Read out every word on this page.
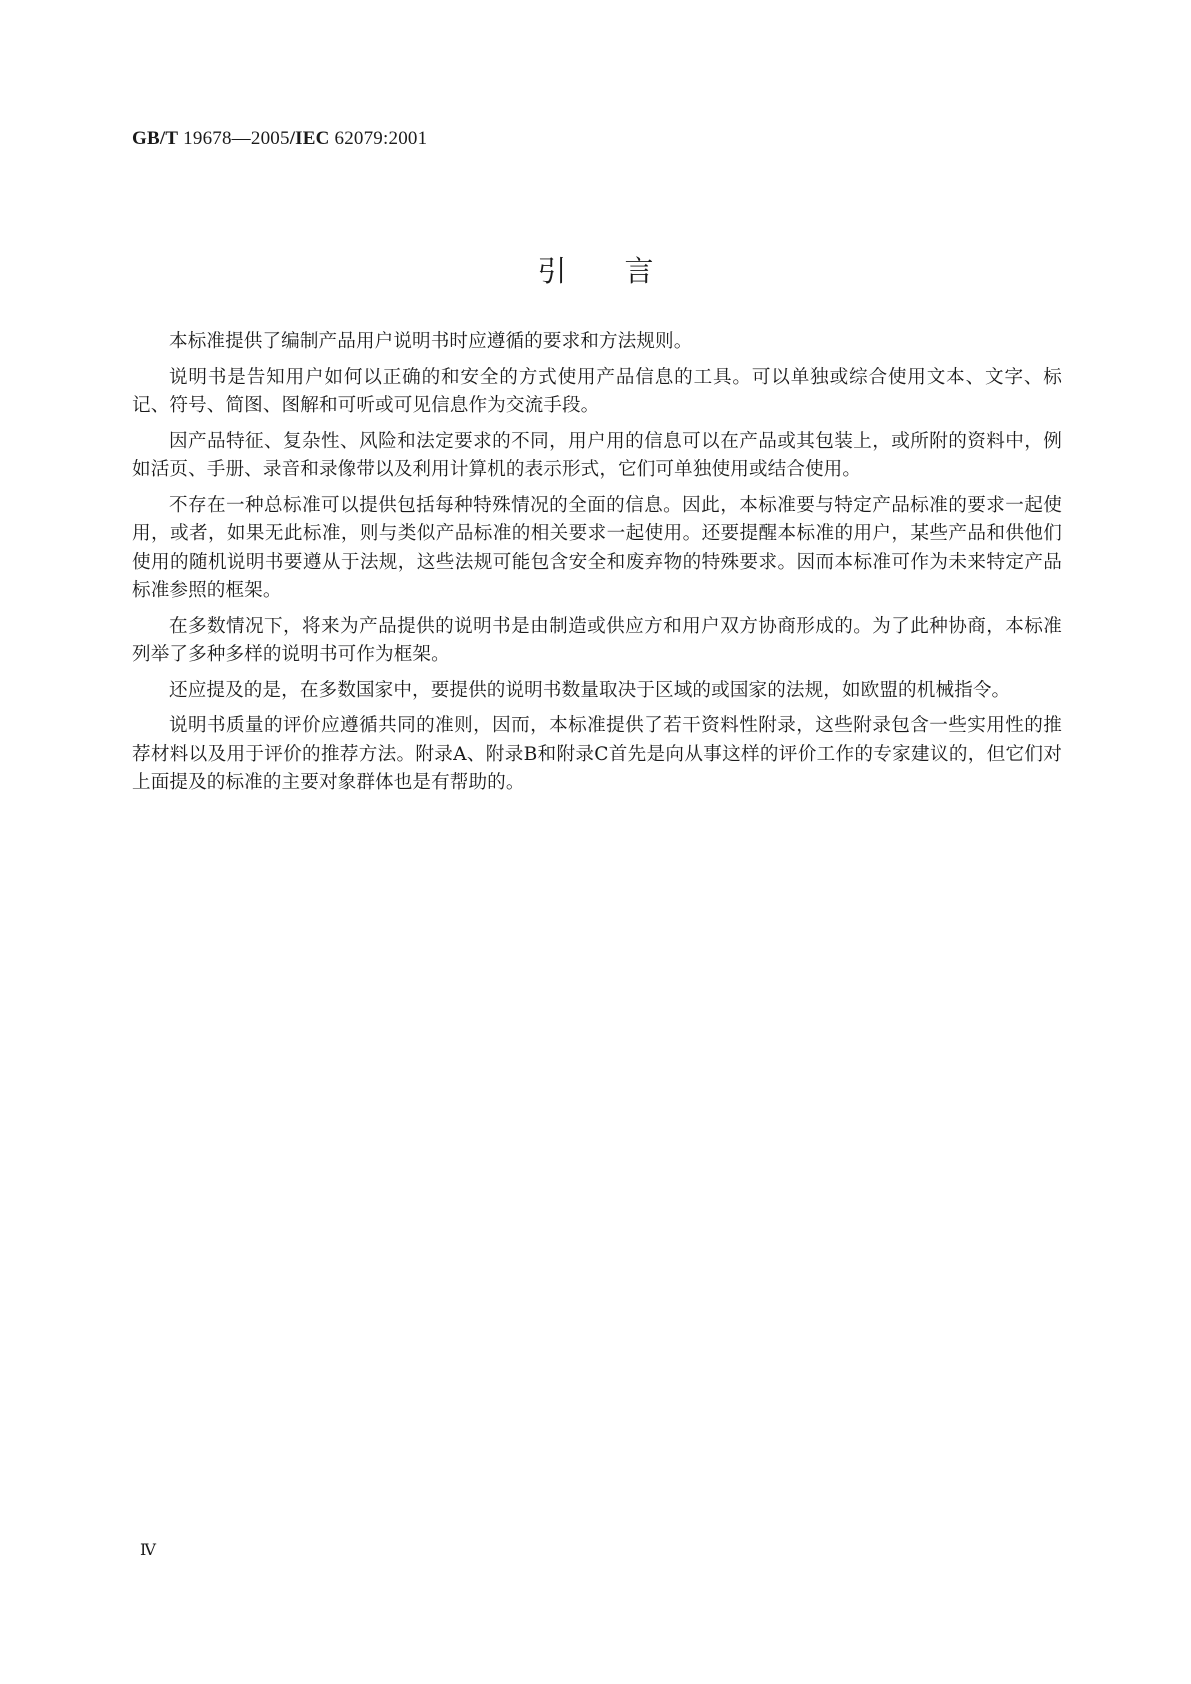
GB/T 19678—2005/IEC 62079:2001
引言

本标准提供了编制产品用户说明书时应遵循的要求和方法规则。

说明书是告知用户如何以正确的和安全的方式使用产品信息的工具。可以单独或综合使用文本、文字、标记、符号、简图、图解和可听或可见信息作为交流手段。

因产品特征、复杂性、风险和法定要求的不同，用户用的信息可以在产品或其包装上，或所附的资料中，例如活页、手册、录音和录像带以及利用计算机的表示形式，它们可单独使用或结合使用。

不存在一种总标准可以提供包括每种特殊情况的全面的信息。因此，本标准要与特定产品标准的要求一起使用，或者，如果无此标准，则与类似产品标准的相关要求一起使用。还要提醒本标准的用户，某些产品和供他们使用的随机说明书要遵从于法规，这些法规可能包含安全和废弃物的特殊要求。因而本标准可作为未来特定产品标准参照的框架。

在多数情况下，将来为产品提供的说明书是由制造或供应方和用户双方协商形成的。为了此种协商，本标准列举了多种多样的说明书可作为框架。

还应提及的是，在多数国家中，要提供的说明书数量取决于区域的或国家的法规，如欧盟的机械指令。

说明书质量的评价应遵循共同的准则，因而，本标准提供了若干资料性附录，这些附录包含一些实用性的推荐材料以及用于评价的推荐方法。附录A、附录B和附录C首先是向从事这样的评价工作的专家建议的，但它们对上面提及的标准的主要对象群体也是有帮助的。

Ⅳ
